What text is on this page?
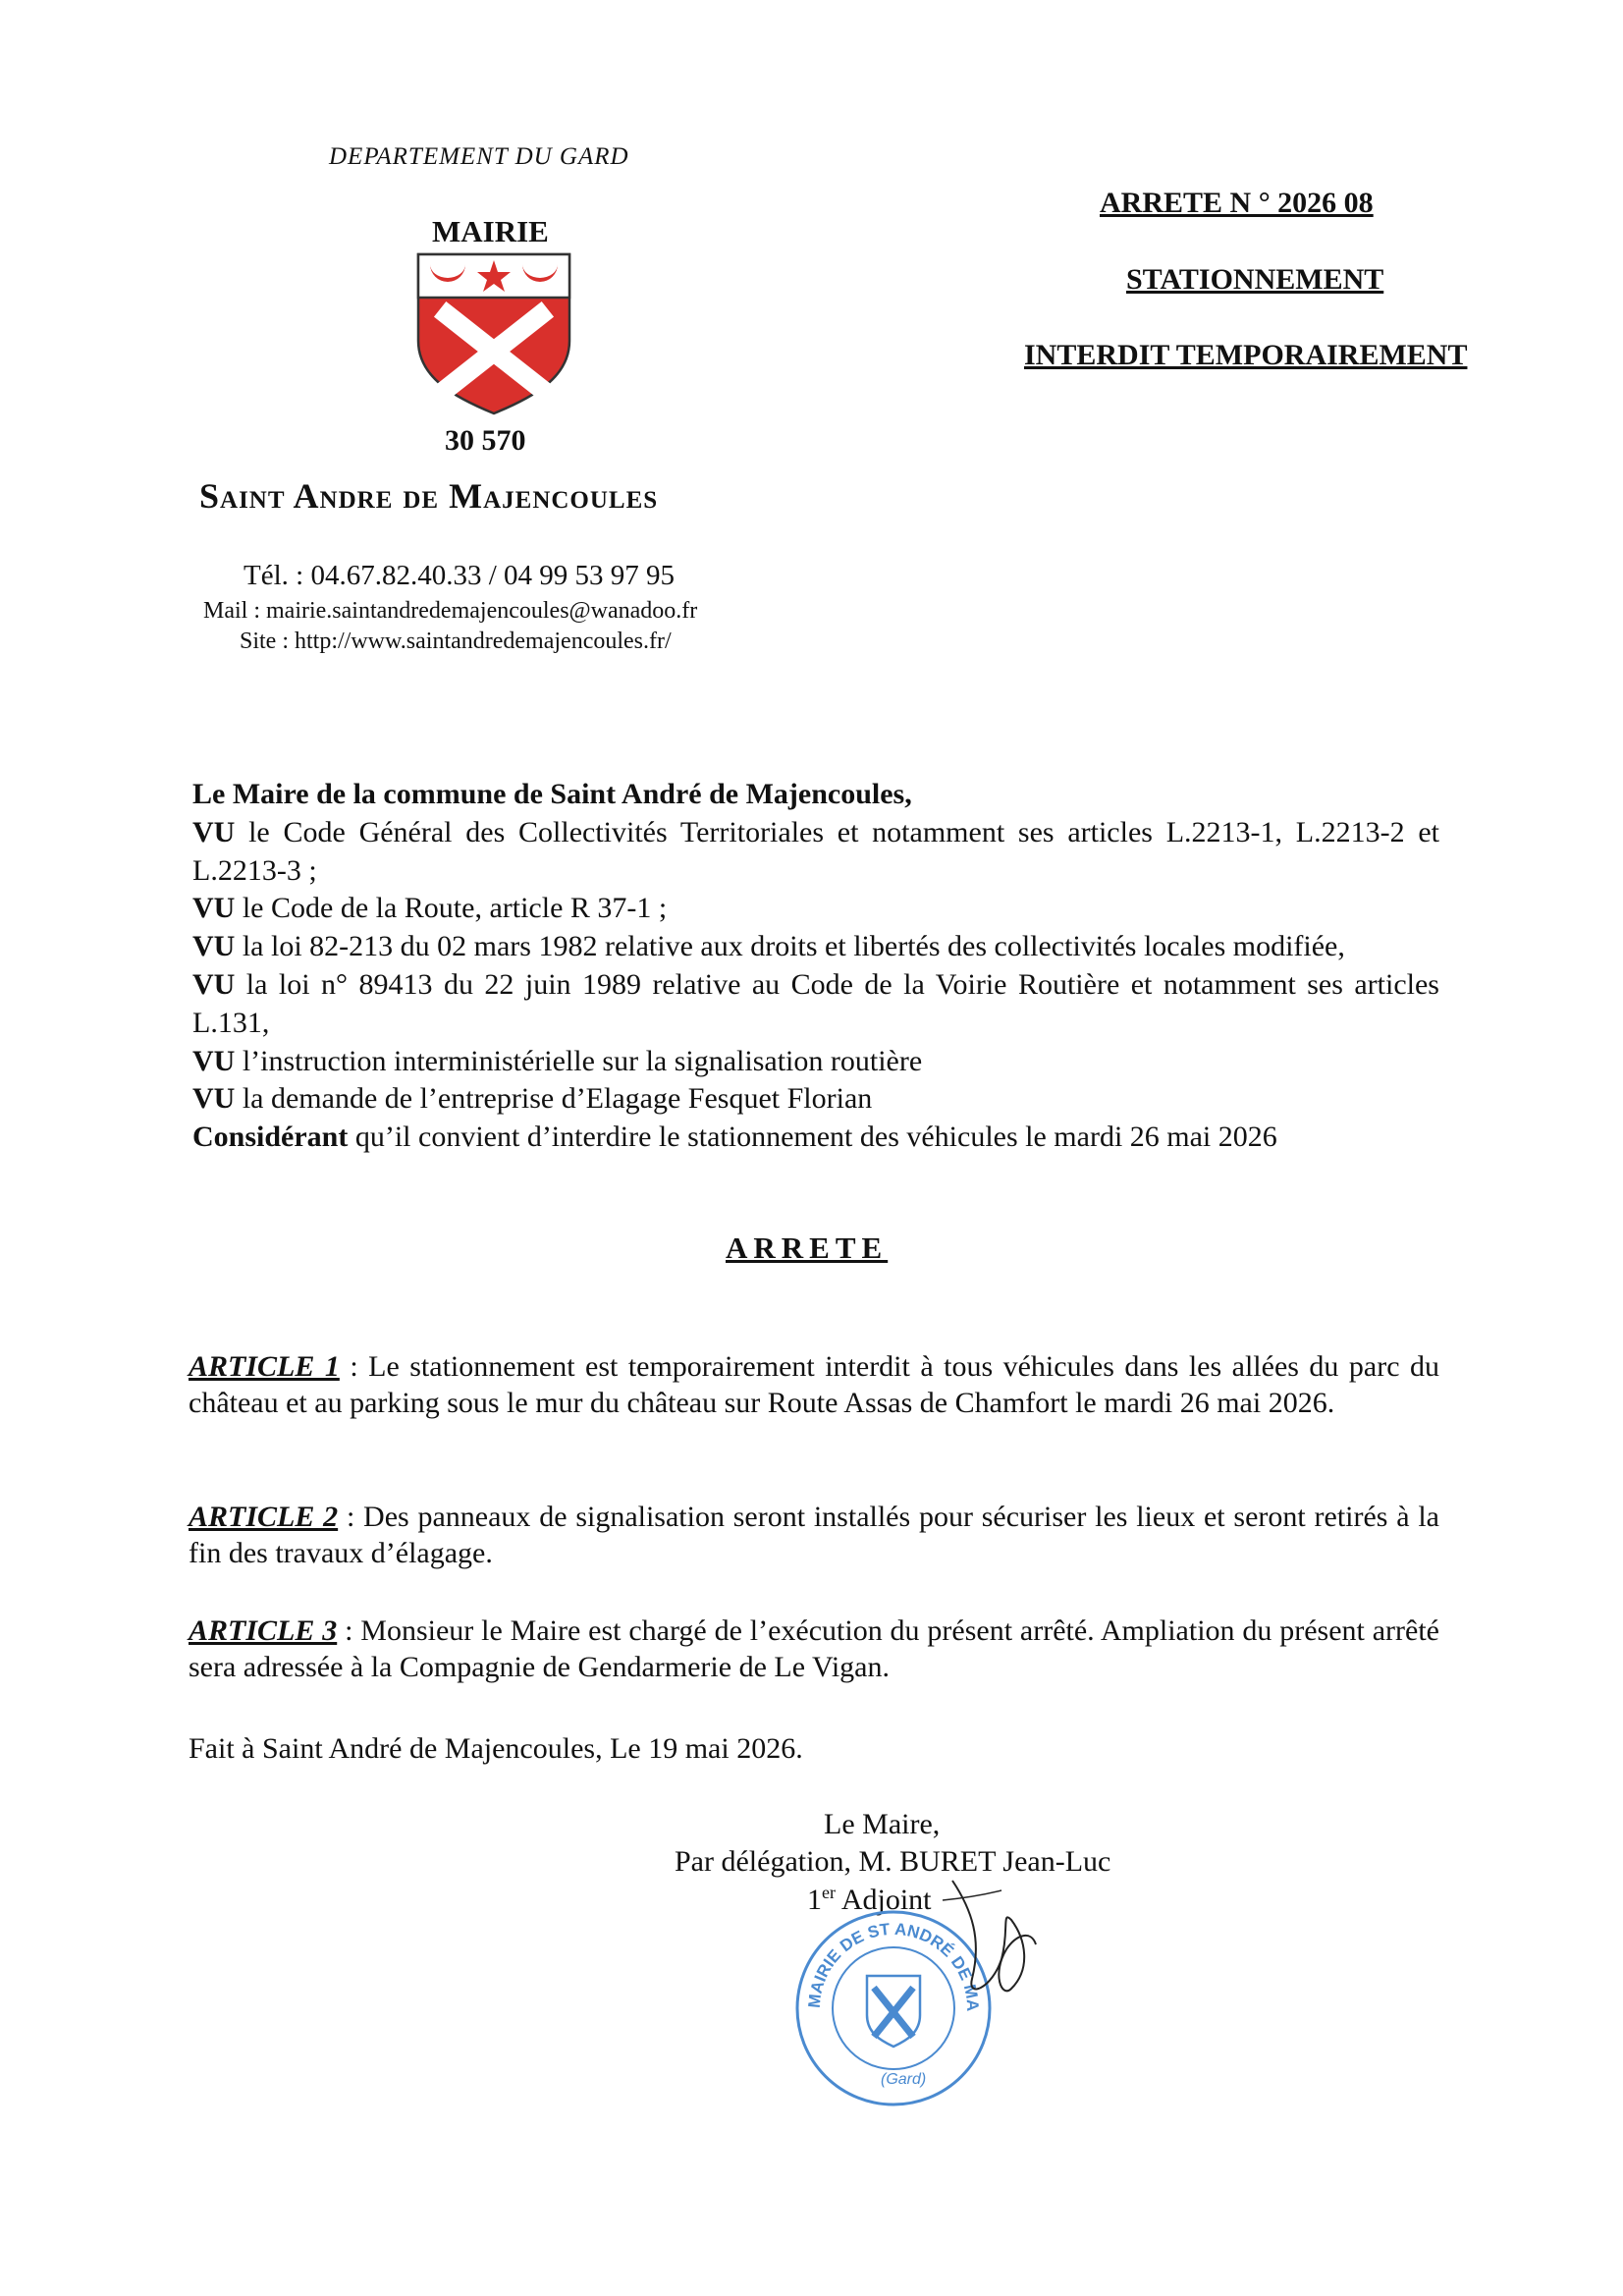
DEPARTEMENT DU GARD
MAIRIE
30 570
Saint Andre de Majencoules
Tél. : 04.67.82.40.33 / 04 99 53 97 95
Mail : mairie.saintandredemajencoules@wanadoo.fr
Site : http://www.saintandredemajencoules.fr/
ARRETE N ° 2026 08
STATIONNEMENT
INTERDIT TEMPORAIREMENT

Le Maire de la commune de Saint André de Majencoules,

VU le Code Général des Collectivités Territoriales et notamment ses articles L.2213-1, L.2213-2 et L.2213-3 ;

VU le Code de la Route, article R 37-1 ;

VU la loi 82-213 du 02 mars 1982 relative aux droits et libertés des collectivités locales modifiée,

VU la loi n° 89413 du 22 juin 1989 relative au Code de la Voirie Routière et notamment ses articles L.131,

VU l’instruction interministérielle sur la signalisation routière

VU la demande de l’entreprise d’Elagage Fesquet Florian

Considérant qu’il convient d’interdire le stationnement des véhicules le mardi 26 mai 2026

ARRETE
ARTICLE 1 : Le stationnement est temporairement interdit à tous véhicules dans les allées du parc du château et au parking sous le mur du château sur Route Assas de Chamfort le mardi 26 mai 2026.
ARTICLE 2 : Des panneaux de signalisation seront installés pour sécuriser les lieux et seront retirés à la fin des travaux d’élagage.
ARTICLE 3 : Monsieur le Maire est chargé de l’exécution du présent arrêté. Ampliation du présent arrêté sera adressée à la Compagnie de Gendarmerie de Le Vigan.
Fait à Saint André de Majencoules, Le 19 mai 2026.
Le Maire,
Par délégation, M. BURET Jean-Luc
1er Adjoint
MAIRIE DE ST ANDRÉ DE MA
(Gard)
